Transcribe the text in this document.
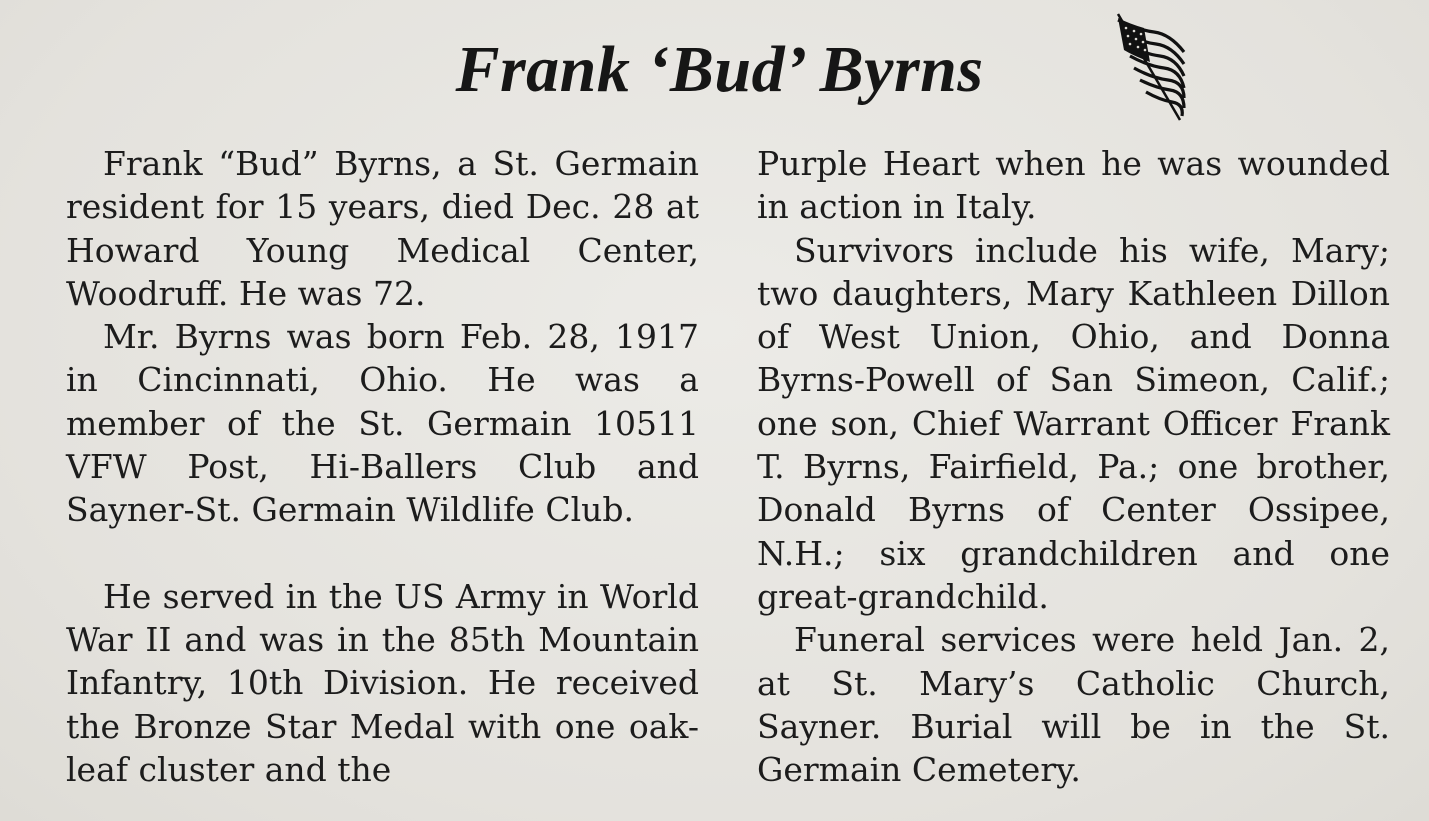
Frank ‘Bud’ Byrns

Frank “Bud” Byrns, a St. Germain resident for 15 years, died Dec. 28 at Howard Young Medical Center, Woodruff. He was 72.

Mr. Byrns was born Feb. 28, 1917 in Cincinnati, Ohio. He was a member of the St. Germain 10511 VFW Post, Hi-Ballers Club and Sayner-St. Germain Wildlife Club.

He served in the US Army in World War II and was in the 85th Mountain Infantry, 10th Division. He received the Bronze Star Medal with one oak-leaf cluster and the

Purple Heart when he was wounded in action in Italy.

Survivors include his wife, Mary; two daughters, Mary Kathleen Dillon of West Union, Ohio, and Donna Byrns-Powell of San Simeon, Calif.; one son, Chief Warrant Officer Frank T. Byrns, Fairfield, Pa.; one brother, Donald Byrns of Center Ossipee, N.H.; six grandchildren and one great-grandchild.

Funeral services were held Jan. 2, at St. Mary’s Catholic Church, Sayner. Burial will be in the St. Germain Cemetery.
